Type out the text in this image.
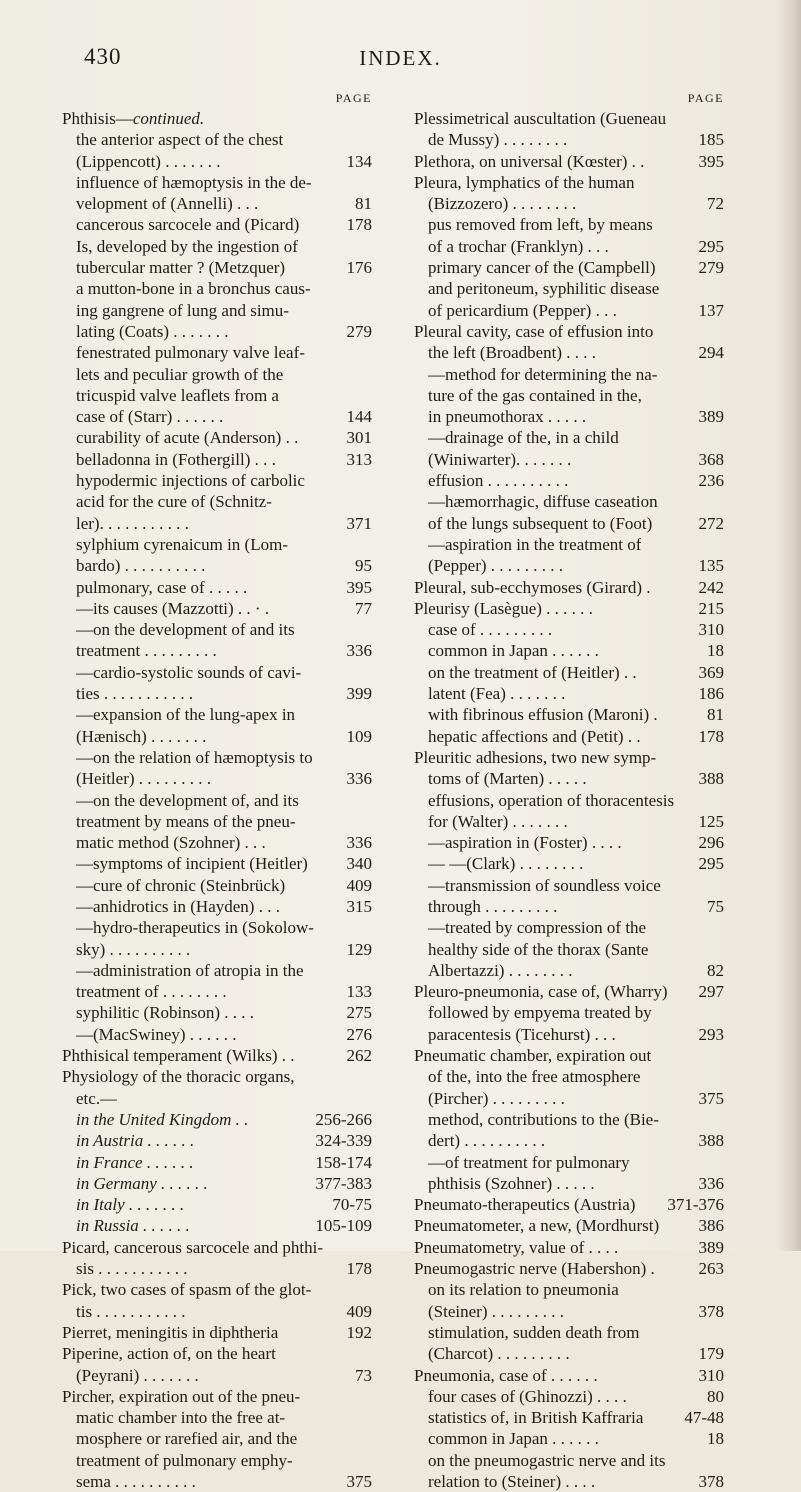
430	INDEX.
PAGE
Phthisis—continued.
the anterior aspect of the chest
(Lippencott) . . . . . . .	134
influence of hæmoptysis in the de-
velopment of (Annelli) . . .	81
cancerous sarcocele and (Picard)	178
Is, developed by the ingestion of
tubercular matter ? (Metzquer)	176
a mutton-bone in a bronchus caus-
ing gangrene of lung and simu-
lating (Coats) . . . . . . .	279
fenestrated pulmonary valve leaf-
lets and peculiar growth of the
tricuspid valve leaflets from a
case of (Starr) . . . . . .	144
curability of acute (Anderson) . .	301
belladonna in (Fothergill) . . .	313
hypodermic injections of carbolic
acid for the cure of (Schnitz-
ler). . . . . . . . . . .	371
sylphium cyrenaicum in (Lom-
bardo) . . . . . . . . . .	95
pulmonary, case of . . . . .	395
—its causes (Mazzotti) . . · .	77
—on the development of and its
treatment . . . . . . . . .	336
—cardio-systolic sounds of cavi-
ties . . . . . . . . . . .	399
—expansion of the lung-apex in
(Hænisch) . . . . . . .	109
—on the relation of hæmoptysis to
(Heitler) . . . . . . . . .	336
—on the development of, and its
treatment by means of the pneu-
matic method (Szohner) . . .	336
—symptoms of incipient (Heitler) 340
—cure of chronic (Steinbrück)	409
—anhidrotics in (Hayden) . . .	315
—hydro-therapeutics in (Sokolow-
sky) . . . . . . . . . .	129
—administration of atropia in the
treatment of . . . . . . . .	133
syphilitic (Robinson) . . . .	275
—(MacSwiney) . . . . . .	276
Phthisical temperament (Wilks) . .	262
Physiology of the thoracic organs,
etc.—
in the United Kingdom . .	256-266
in Austria . . . . . .	324-339
in France . . . . . .	158-174
in Germany . . . . . .	377-383
in Italy . . . . . . .	70-75
in Russia . . . . . .	105-109
Picard, cancerous sarcocele and phthi-
sis . . . . . . . . . . .	178
Pick, two cases of spasm of the glot-
tis . . . . . . . . . . .	409
Pierret, meningitis in diphtheria	192
Piperine, action of, on the heart
(Peyrani) . . . . . . .	73
Pircher, expiration out of the pneu-
matic chamber into the free at-
mosphere or rarefied air, and the
treatment of pulmonary emphy-
sema . . . . . . . . . .	375
PAGE
Plessimetrical auscultation (Gueneau
de Mussy) . . . . . . . .	185
Plethora, on universal (Kœster) . .	395
Pleura, lymphatics of the human
(Bizzozero) . . . . . . . .	72
pus removed from left, by means
of a trochar (Franklyn) . . .	295
primary cancer of the (Campbell)	279
and peritoneum, syphilitic disease
of pericardium (Pepper) . . .	137
Pleural cavity, case of effusion into
the left (Broadbent) . . . .	294
—method for determining the na-
ture of the gas contained in the,
in pneumothorax . . . . .	389
—drainage of the, in a child
(Winiwarter). . . . . . .	368
effusion . . . . . . . . . .	236
—hæmorrhagic, diffuse caseation
of the lungs subsequent to (Foot)	272
—aspiration in the treatment of
(Pepper) . . . . . . . . .	135
Pleural, sub-ecchymoses (Girard) .	242
Pleurisy (Lasègue) . . . . . .	215
case of . . . . . . . . .	310
common in Japan . . . . . .	18
on the treatment of (Heitler) . .	369
latent (Fea) . . . . . . .	186
with fibrinous effusion (Maroni) .	81
hepatic affections and (Petit) . .	178
Pleuritic adhesions, two new symp-
toms of (Marten) . . . . .	388
effusions, operation of thoracentesis
for (Walter) . . . . . . .	125
—aspiration in (Foster) . . . .	296
— —(Clark) . . . . . . . .	295
—transmission of soundless voice
through . . . . . . . . .	75
—treated by compression of the
healthy side of the thorax (Sante
Albertazzi) . . . . . . . .	82
Pleuro-pneumonia, case of, (Wharry) 297
followed by empyema treated by
paracentesis (Ticehurst) . . .	293
Pneumatic chamber, expiration out
of the, into the free atmosphere
(Pircher) . . . . . . . . .	375
method, contributions to the (Bie-
dert) . . . . . . . . . .	388
—of treatment for pulmonary
phthisis (Szohner) . . . . .	336
Pneumato-therapeutics (Austria) 371-376
Pneumatometer, a new, (Mordhurst) 386
Pneumatometry, value of . . . .	389
Pneumogastric nerve (Habershon) .	263
on its relation to pneumonia
(Steiner) . . . . . . . . .	378
stimulation, sudden death from
(Charcot) . . . . . . . . .	179
Pneumonia, case of . . . . . .	310
four cases of (Ghinozzi) . . . .	80
statistics of, in British Kaffraria 47-48
common in Japan . . . . . .	18
on the pneumogastric nerve and its
relation to (Steiner) . . . .	378
